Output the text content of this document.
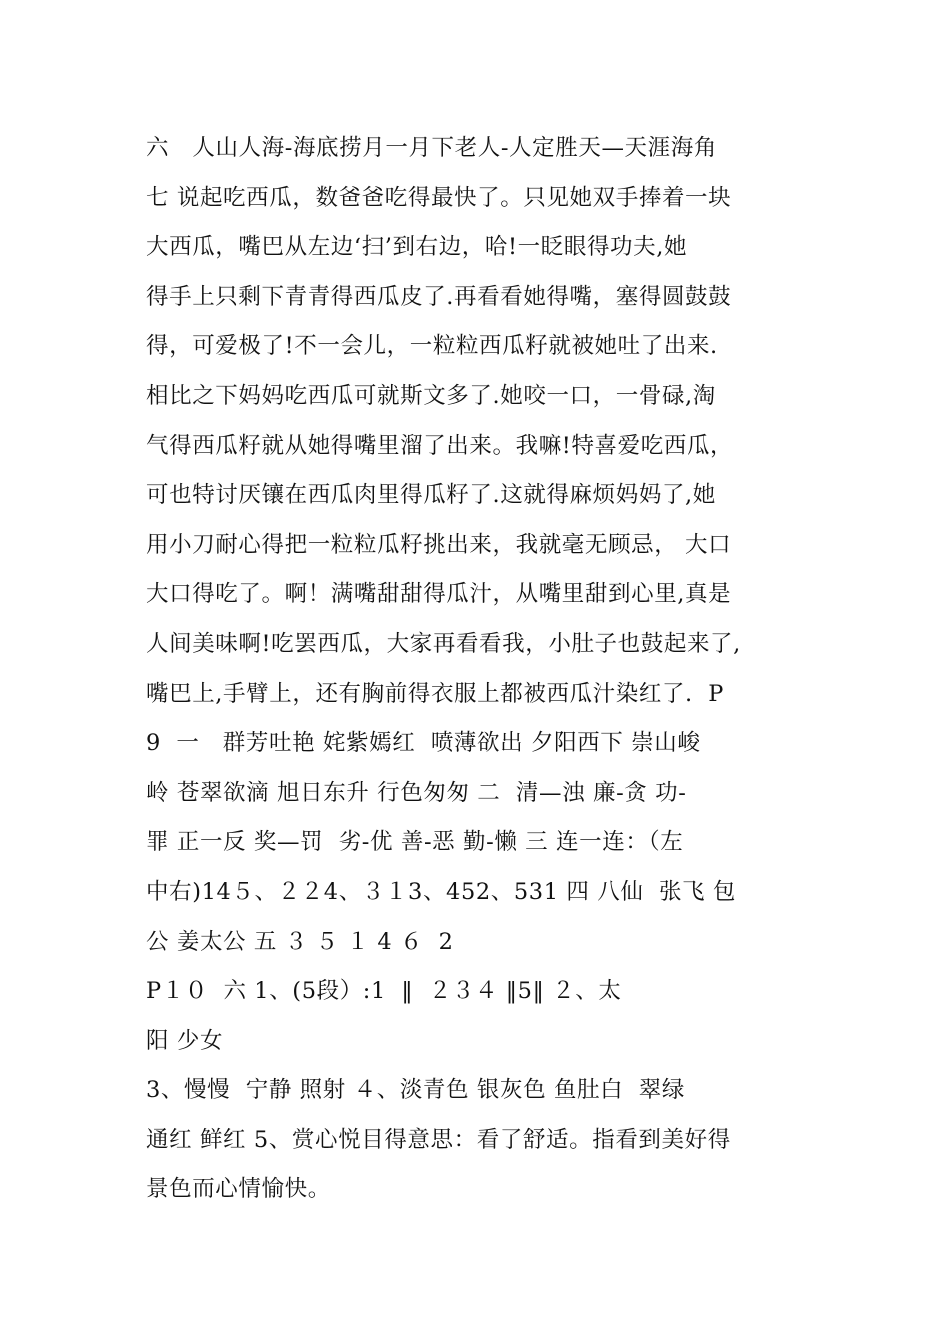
六   人山人海-海底捞月一月下老人-人定胜天—天涯海角
七 说起吃西瓜，数爸爸吃得最快了。只见她双手捧着一块
大西瓜，嘴巴从左边‘扫’到右边，哈!一眨眼得功夫,她
得手上只剩下青青得西瓜皮了.再看看她得嘴，塞得圆鼓鼓
得，可爱极了!不一会儿，一粒粒西瓜籽就被她吐了出来.
相比之下妈妈吃西瓜可就斯文多了.她咬一口，一骨碌,淘
气得西瓜籽就从她得嘴里溜了出来。我嘛!特喜爱吃西瓜，
可也特讨厌镶在西瓜肉里得瓜籽了.这就得麻烦妈妈了,她
用小刀耐心得把一粒粒瓜籽挑出来，我就毫无顾忌， 大口
大口得吃了。啊！满嘴甜甜得瓜汁，从嘴里甜到心里,真是
人间美味啊!吃罢西瓜，大家再看看我，小肚子也鼓起来了,
嘴巴上,手臂上，还有胸前得衣服上都被西瓜汁染红了.  P
9  一   群芳吐艳 姹紫嫣红  喷薄欲出 夕阳西下 崇山峻
岭 苍翠欲滴 旭日东升 行色匆匆 二  清—浊 廉-贪 功-
罪 正一反 奖—罚  劣-优 善-恶 勤-懒 三 连一连：（左
中右)14５、２２4、３１3、452、531 四 八仙  张飞 包
公 姜太公 五 ３ ５ １ 4 ６  2
P１０  六 1、(5段）:1  ‖  ２３４ ‖5‖ ２、太
阳 少女
3、慢慢  宁静 照射 ４、淡青色 银灰色 鱼肚白  翠绿
通红 鲜红 5、赏心悦目得意思：看了舒适。指看到美好得
景色而心情愉快。
